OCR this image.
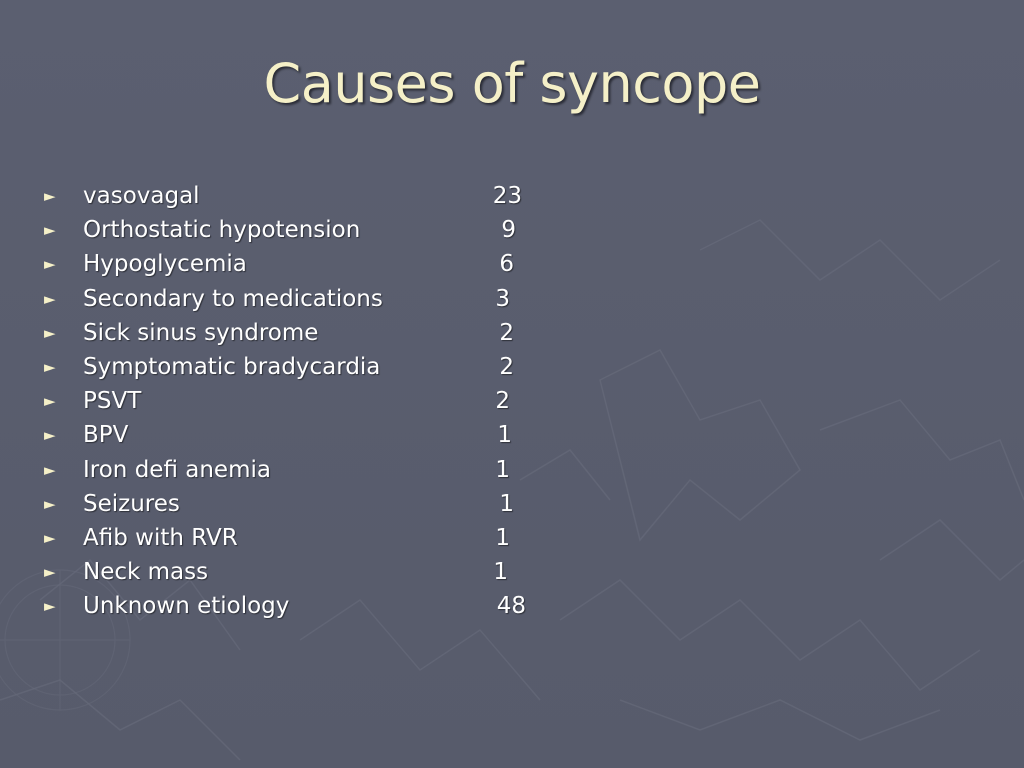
Causes of syncope
► vasovagal	23
► Orthostatic hypotension	9
► Hypoglycemia	6
► Secondary to medications	3
► Sick sinus syndrome	2
► Symptomatic bradycardia	2
► PSVT	2
► BPV	1
► Iron defi anemia	1
► Seizures	1
► Afib with RVR	1
► Neck mass	1
► Unknown etiology	48
